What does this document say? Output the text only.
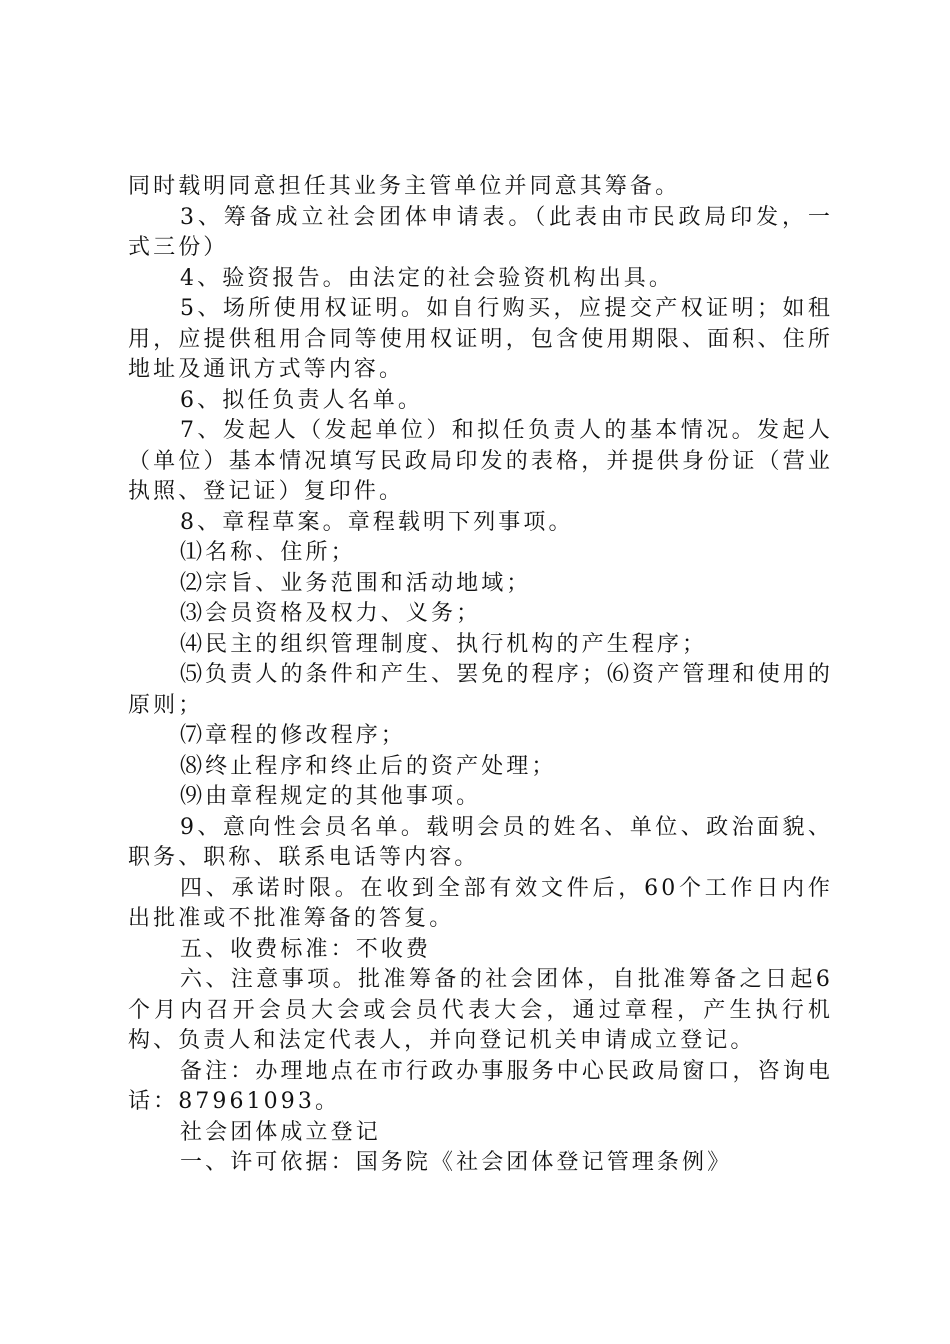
同时载明同意担任其业务主管单位并同意其筹备。

3、筹备成立社会团体申请表。（此表由市民政局印发，一式三份）

4、验资报告。由法定的社会验资机构出具。

5、场所使用权证明。如自行购买，应提交产权证明；如租用，应提供租用合同等使用权证明，包含使用期限、面积、住所地址及通讯方式等内容。

6、拟任负责人名单。

7、发起人（发起单位）和拟任负责人的基本情况。发起人（单位）基本情况填写民政局印发的表格，并提供身份证（营业执照、登记证）复印件。

8、章程草案。章程载明下列事项。

⑴名称、住所；

⑵宗旨、业务范围和活动地域；

⑶会员资格及权力、义务；

⑷民主的组织管理制度、执行机构的产生程序；

⑸负责人的条件和产生、罢免的程序；⑹资产管理和使用的原则；

⑺章程的修改程序；

⑻终止程序和终止后的资产处理；

⑼由章程规定的其他事项。

9、意向性会员名单。载明会员的姓名、单位、政治面貌、职务、职称、联系电话等内容。

四、承诺时限。在收到全部有效文件后，60个工作日内作出批准或不批准筹备的答复。

五、收费标准：不收费

六、注意事项。批准筹备的社会团体，自批准筹备之日起6个月内召开会员大会或会员代表大会，通过章程，产生执行机构、负责人和法定代表人，并向登记机关申请成立登记。

备注：办理地点在市行政办事服务中心民政局窗口，咨询电话：87961093。

社会团体成立登记

一、许可依据：国务院《社会团体登记管理条例》
